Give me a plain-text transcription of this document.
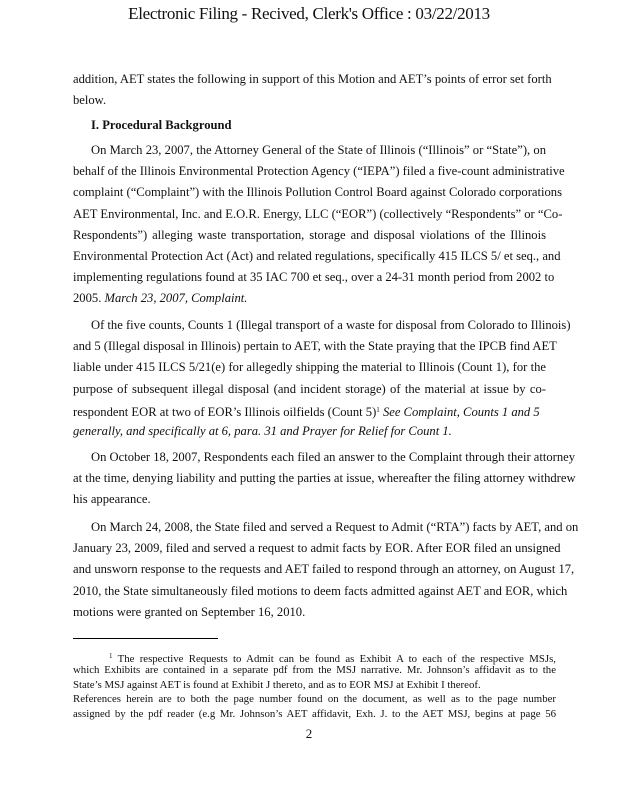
Electronic Filing - Recived, Clerk's Office : 03/22/2013
addition, AET states the following in support of this Motion and AET’s points of error set forth
below.
I. Procedural Background
On March 23, 2007, the Attorney General of the State of Illinois (“Illinois” or “State”), on
behalf of the Illinois Environmental Protection Agency (“IEPA”) filed a five-count administrative
complaint (“Complaint”) with the Illinois Pollution Control Board against Colorado corporations
AET Environmental, Inc. and E.O.R. Energy, LLC (“EOR”) (collectively “Respondents” or “Co-
Respondents”) alleging waste transportation, storage and disposal violations of the Illinois
Environmental Protection Act (Act) and related regulations, specifically 415 ILCS 5/ et seq., and
implementing regulations found at 35 IAC 700 et seq., over a 24-31 month period from 2002 to
2005. March 23, 2007, Complaint.
Of the five counts, Counts 1 (Illegal transport of a waste for disposal from Colorado to Illinois)
and 5 (Illegal disposal in Illinois) pertain to AET, with the State praying that the IPCB find AET
liable under 415 ILCS 5/21(e) for allegedly shipping the material to Illinois (Count 1), for the
purpose of subsequent illegal disposal (and incident storage) of the material at issue by co-
respondent EOR at two of EOR’s Illinois oilfields (Count 5)$^1$ See Complaint, Counts 1 and 5
generally, and specifically at 6, para. 31 and Prayer for Relief for Count 1.
On October 18, 2007, Respondents each filed an answer to the Complaint through their attorney
at the time, denying liability and putting the parties at issue, whereafter the filing attorney withdrew
his appearance.
On March 24, 2008, the State filed and served a Request to Admit (“RTA”) facts by AET, and on
January 23, 2009, filed and served a request to admit facts by EOR. After EOR filed an unsigned
and unsworn response to the requests and AET failed to respond through an attorney, on August 17,
2010, the State simultaneously filed motions to deem facts admitted against AET and EOR, which
motions were granted on September 16, 2010.
$^1$ The respective Requests to Admit can be found as Exhibit A to each of the respective MSJs,
which Exhibits are contained in a separate pdf from the MSJ narrative. Mr. Johnson’s affidavit as to the
State’s MSJ against AET is found at Exhibit J thereto, and as to EOR MSJ at Exhibit I thereof.
References herein are to both the page number found on the document, as well as to the page number
assigned by the pdf reader (e.g Mr. Johnson’s AET affidavit, Exh. J. to the AET MSJ, begins at page 56
2
